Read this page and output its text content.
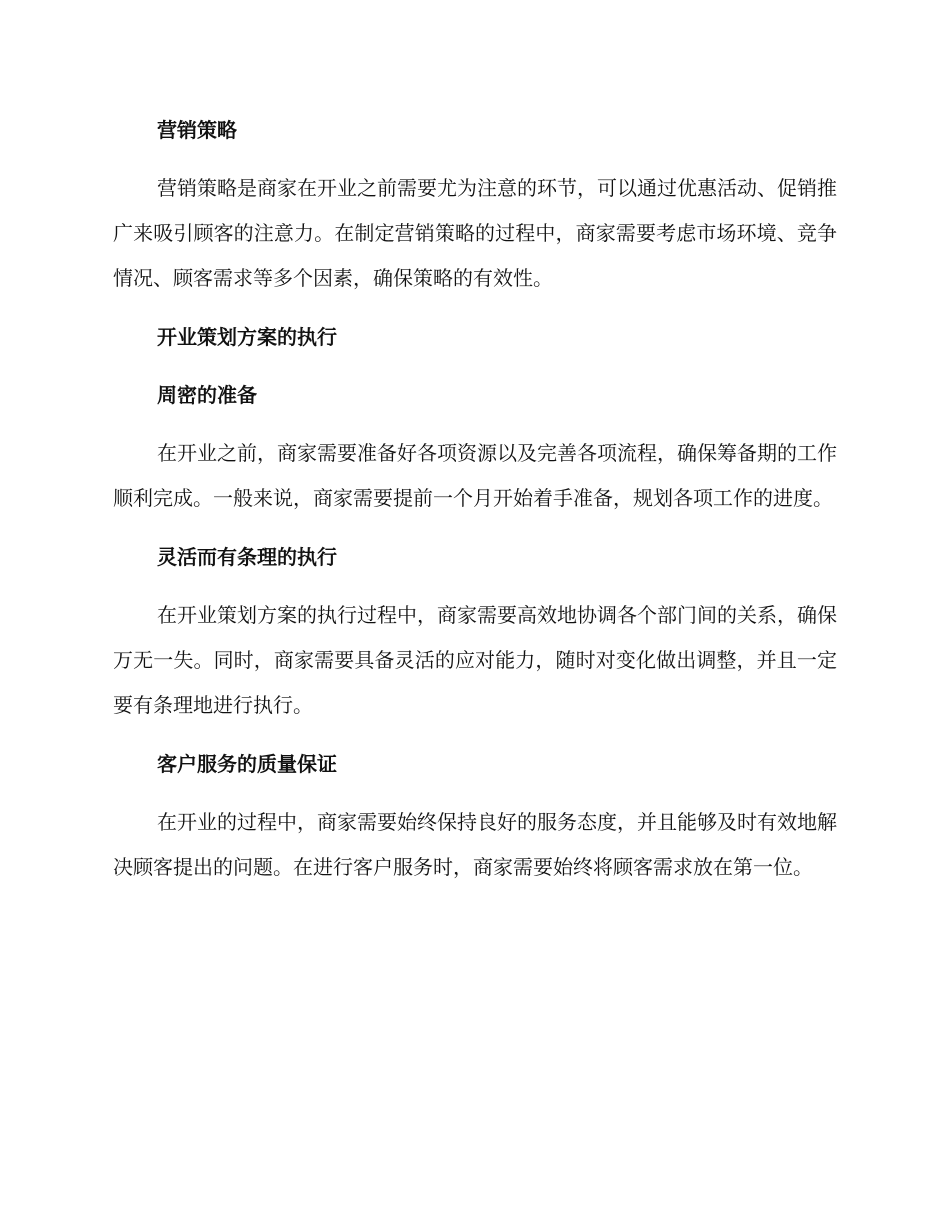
营销策略

营销策略是商家在开业之前需要尤为注意的环节，可以通过优惠活动、促销推广来吸引顾客的注意力。在制定营销策略的过程中，商家需要考虑市场环境、竞争情况、顾客需求等多个因素，确保策略的有效性。

开业策划方案的执行
周密的准备

在开业之前，商家需要准备好各项资源以及完善各项流程，确保筹备期的工作顺利完成。一般来说，商家需要提前一个月开始着手准备，规划各项工作的进度。

灵活而有条理的执行

在开业策划方案的执行过程中，商家需要高效地协调各个部门间的关系，确保万无一失。同时，商家需要具备灵活的应对能力，随时对变化做出调整，并且一定要有条理地进行执行。

客户服务的质量保证

在开业的过程中，商家需要始终保持良好的服务态度，并且能够及时有效地解决顾客提出的问题。在进行客户服务时，商家需要始终将顾客需求放在第一位。
